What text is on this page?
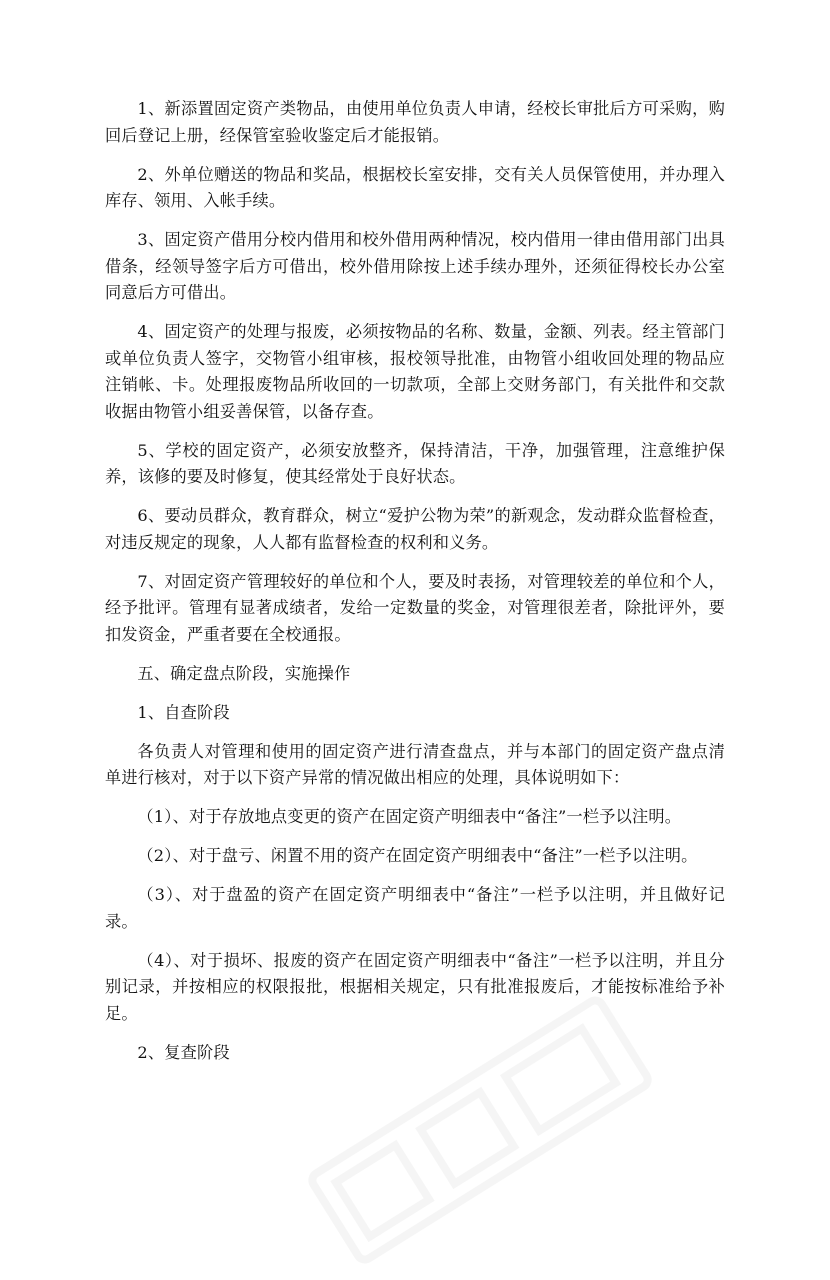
1、新添置固定资产类物品，由使用单位负责人申请，经校长审批后方可采购，购回后登记上册，经保管室验收鉴定后才能报销。

2、外单位赠送的物品和奖品，根据校长室安排，交有关人员保管使用，并办理入库存、领用、入帐手续。

3、固定资产借用分校内借用和校外借用两种情况，校内借用一律由借用部门出具借条，经领导签字后方可借出，校外借用除按上述手续办理外，还须征得校长办公室同意后方可借出。

4、固定资产的处理与报废，必须按物品的名称、数量，金额、列表。经主管部门或单位负责人签字，交物管小组审核，报校领导批准，由物管小组收回处理的物品应注销帐、卡。处理报废物品所收回的一切款项，全部上交财务部门，有关批件和交款收据由物管小组妥善保管，以备存查。

5、学校的固定资产，必须安放整齐，保持清洁，干净，加强管理，注意维护保养，该修的要及时修复，使其经常处于良好状态。

6、要动员群众，教育群众，树立“爱护公物为荣”的新观念，发动群众监督检查，对违反规定的现象，人人都有监督检查的权利和义务。

7、对固定资产管理较好的单位和个人，要及时表扬，对管理较差的单位和个人，经予批评。管理有显著成绩者，发给一定数量的奖金，对管理很差者，除批评外，要扣发资金，严重者要在全校通报。

五、确定盘点阶段，实施操作

1、自查阶段

各负责人对管理和使用的固定资产进行清查盘点，并与本部门的固定资产盘点清单进行核对，对于以下资产异常的情况做出相应的处理，具体说明如下：

（1）、对于存放地点变更的资产在固定资产明细表中“备注”一栏予以注明。

（2）、对于盘亏、闲置不用的资产在固定资产明细表中“备注”一栏予以注明。

（3）、对于盘盈的资产在固定资产明细表中“备注”一栏予以注明，并且做好记录。

（4）、对于损坏、报废的资产在固定资产明细表中“备注”一栏予以注明，并且分别记录，并按相应的权限报批，根据相关规定，只有批准报废后，才能按标准给予补足。

2、复查阶段
